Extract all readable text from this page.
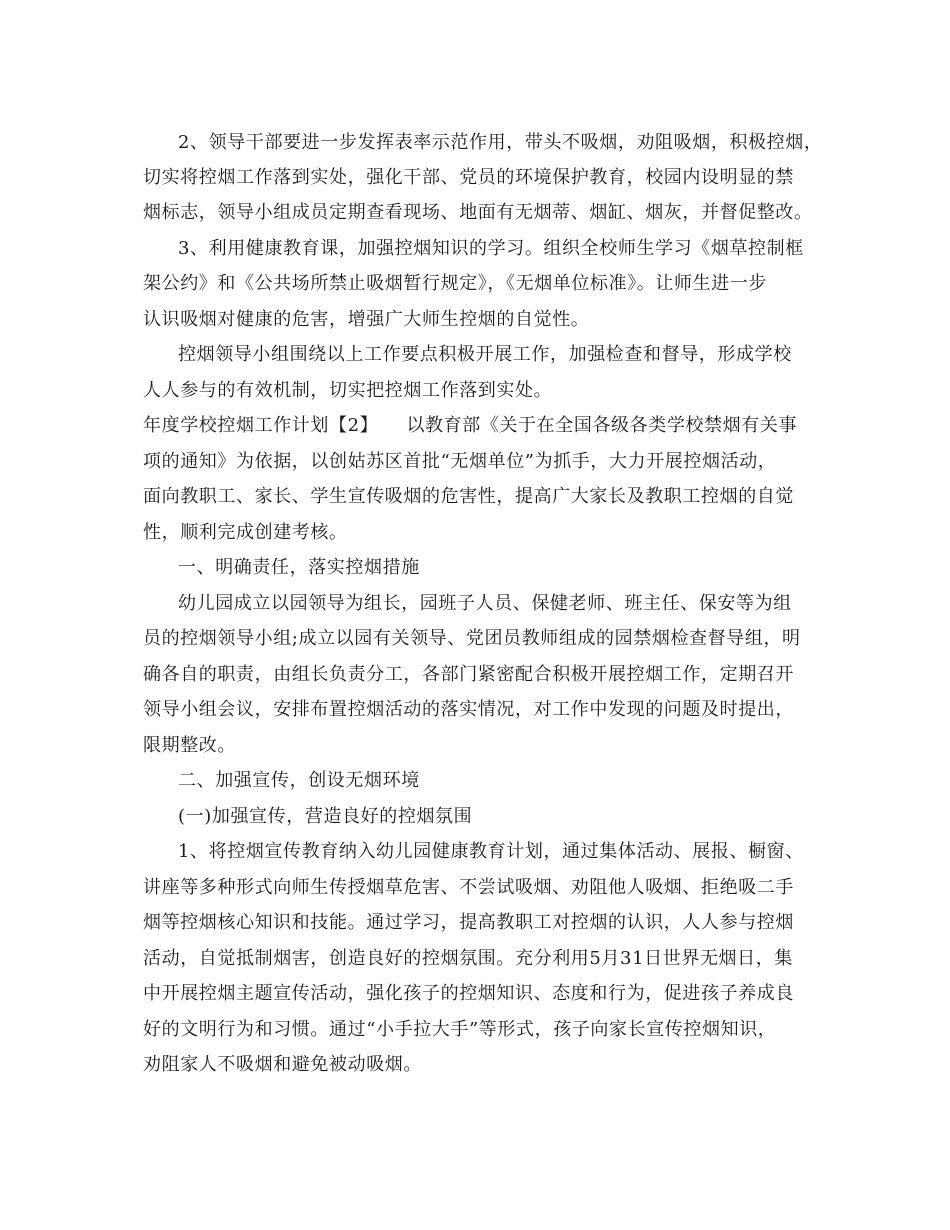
2、领导干部要进一步发挥表率示范作用，带头不吸烟，劝阻吸烟，积极控烟，
切实将控烟工作落到实处，强化干部、党员的环境保护教育，校园内设明显的禁
烟标志，领导小组成员定期查看现场、地面有无烟蒂、烟缸、烟灰，并督促整改。
3、利用健康教育课，加强控烟知识的学习。组织全校师生学习《烟草控制框
架公约》和《公共场所禁止吸烟暂行规定》，《无烟单位标准》。让师生进一步
认识吸烟对健康的危害，增强广大师生控烟的自觉性。
控烟领导小组围绕以上工作要点积极开展工作，加强检查和督导，形成学校
人人参与的有效机制，切实把控烟工作落到实处。
年度学校控烟工作计划【2】　　以教育部《关于在全国各级各类学校禁烟有关事
项的通知》为依据，以创姑苏区首批“无烟单位”为抓手，大力开展控烟活动，
面向教职工、家长、学生宣传吸烟的危害性，提高广大家长及教职工控烟的自觉
性，顺利完成创建考核。
一、明确责任，落实控烟措施
幼儿园成立以园领导为组长，园班子人员、保健老师、班主任、保安等为组
员的控烟领导小组;成立以园有关领导、党团员教师组成的园禁烟检查督导组，明
确各自的职责，由组长负责分工，各部门紧密配合积极开展控烟工作，定期召开
领导小组会议，安排布置控烟活动的落实情况，对工作中发现的问题及时提出，
限期整改。
二、加强宣传，创设无烟环境
(一)加强宣传，营造良好的控烟氛围
1、将控烟宣传教育纳入幼儿园健康教育计划，通过集体活动、展报、橱窗、
讲座等多种形式向师生传授烟草危害、不尝试吸烟、劝阻他人吸烟、拒绝吸二手
烟等控烟核心知识和技能。通过学习，提高教职工对控烟的认识，人人参与控烟
活动，自觉抵制烟害，创造良好的控烟氛围。充分利用5月31日世界无烟日，集
中开展控烟主题宣传活动，强化孩子的控烟知识、态度和行为，促进孩子养成良
好的文明行为和习惯。通过“小手拉大手”等形式，孩子向家长宣传控烟知识，
劝阻家人不吸烟和避免被动吸烟。
